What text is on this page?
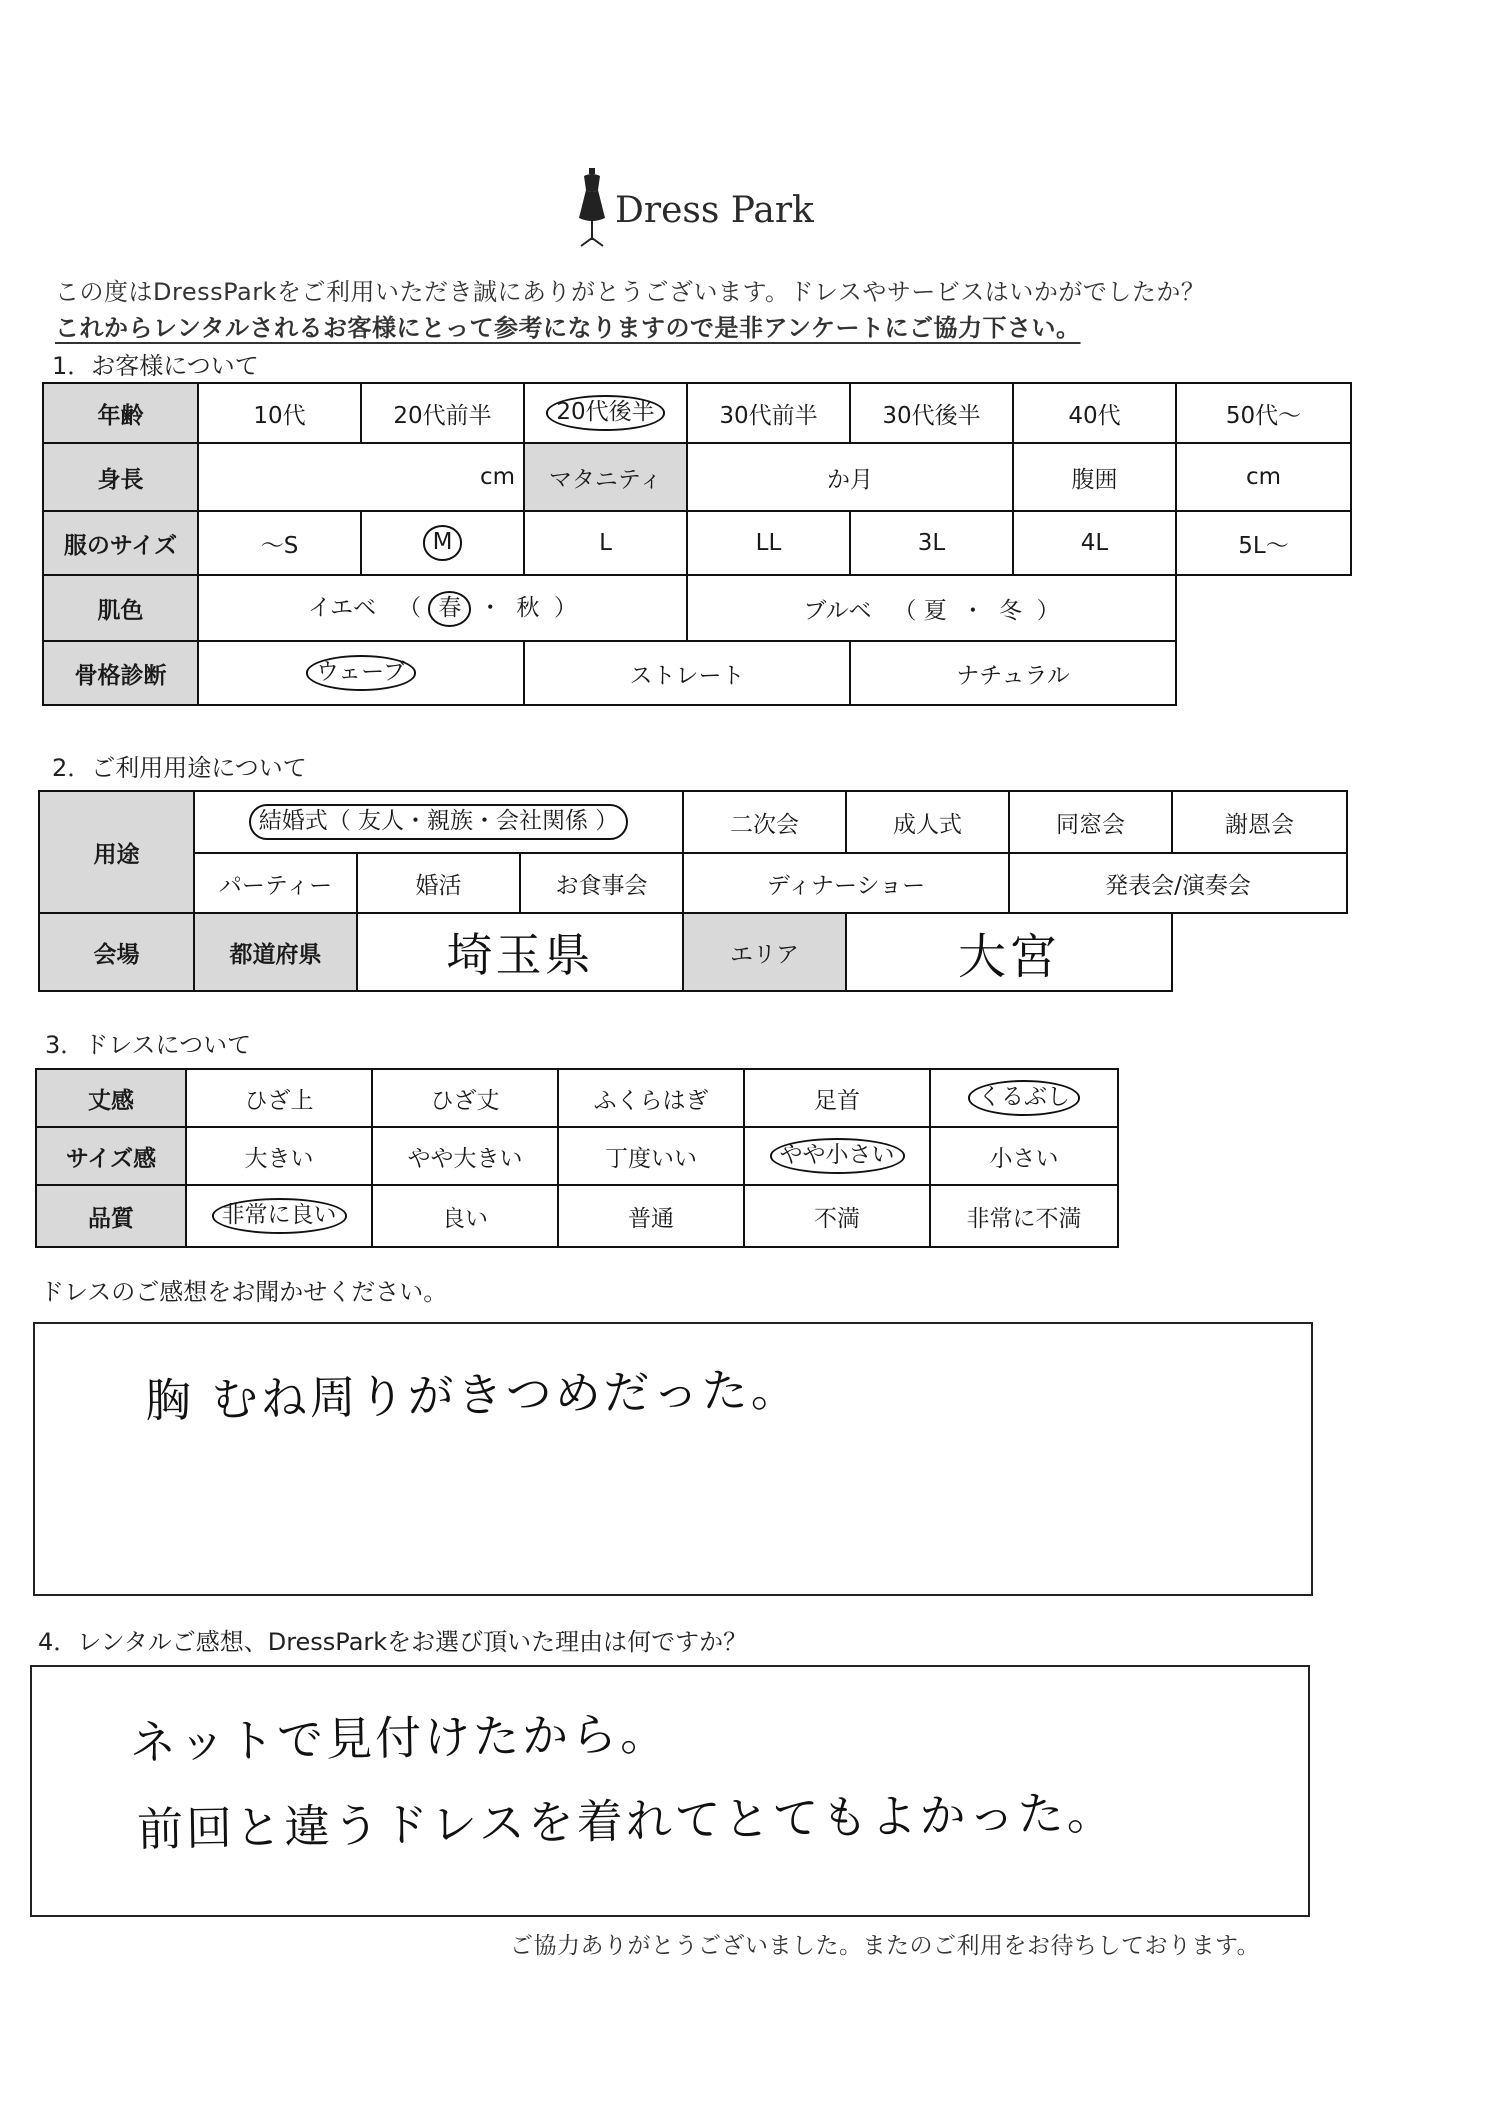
Dress Park
この度はDressParkをご利用いただき誠にありがとうございます。ドレスやサービスはいかがでしたか？
これからレンタルされるお客様にとって参考になりますので是非アンケートにご協力下さい。
1．お客様について
年齢	10代	20代前半	20代後半	30代前半	30代後半	40代	50代～
身長	cm		マタニティ	か月		腹囲	cm
服のサイズ	～S	M	L	LL	3L	4L	5L～
肌色	イエベ （ 春 ・ 秋 ）			ブルベ （ 夏 ・ 冬 ）			
骨格診断	ウェーブ		ストレート		ナチュラル		
2．ご利用用途について
用途	結婚式（ 友人・親族・会社関係 ）			二次会	成人式	同窓会	謝恩会
	パーティー	婚活	お食事会	ディナーショー		発表会/演奏会	
会場	都道府県	埼玉県		エリア	大宮		
3．ドレスについて
丈感	ひざ上	ひざ丈	ふくらはぎ	足首	くるぶし
サイズ感	大きい	やや大きい	丁度いい	やや小さい	小さい
品質	非常に良い	良い	普通	不満	非常に不満
ドレスのご感想をお聞かせください。
胸 むね周りがきつめだった。
4．レンタルご感想、DressParkをお選び頂いた理由は何ですか？
ネットで見付けたから。
前回と違うドレスを着れてとてもよかった。
ご協力ありがとうございました。またのご利用をお待ちしております。
